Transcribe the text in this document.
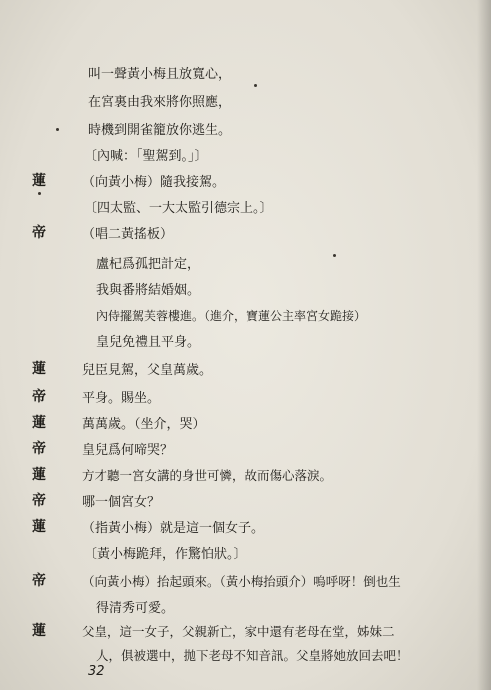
叫一聲黃小梅且放寬心，
在宮裏由我來將你照應，
時機到開雀籠放你逃生。
〔內喊：「聖駕到。」〕
蓮	（向黃小梅）隨我接駕。
〔四太監、一大太監引德宗上。〕
帝	（唱二黃搖板）
盧杞爲孤把計定，
我與番將結婚姻。
內侍擺駕芙蓉樓進。（進介，寶蓮公主率宮女跪接）
皇兒免禮且平身。
蓮	兒臣見駕，父皇萬歲。
帝	平身。賜坐。
蓮	萬萬歲。（坐介，哭）
帝	皇兒爲何啼哭？
蓮	方才聽一宮女講的身世可憐，故而傷心落淚。
帝	哪一個宮女？
蓮	（指黃小梅）就是這一個女子。
〔黃小梅跪拜，作驚怕狀。〕
帝	（向黃小梅）抬起頭來。（黃小梅抬頭介）嗚呼呀！倒也生
得清秀可愛。
蓮	父皇，這一女子，父親新亡，家中還有老母在堂，姊妹二
人，俱被選中，拋下老母不知音訊。父皇將她放回去吧！
32
